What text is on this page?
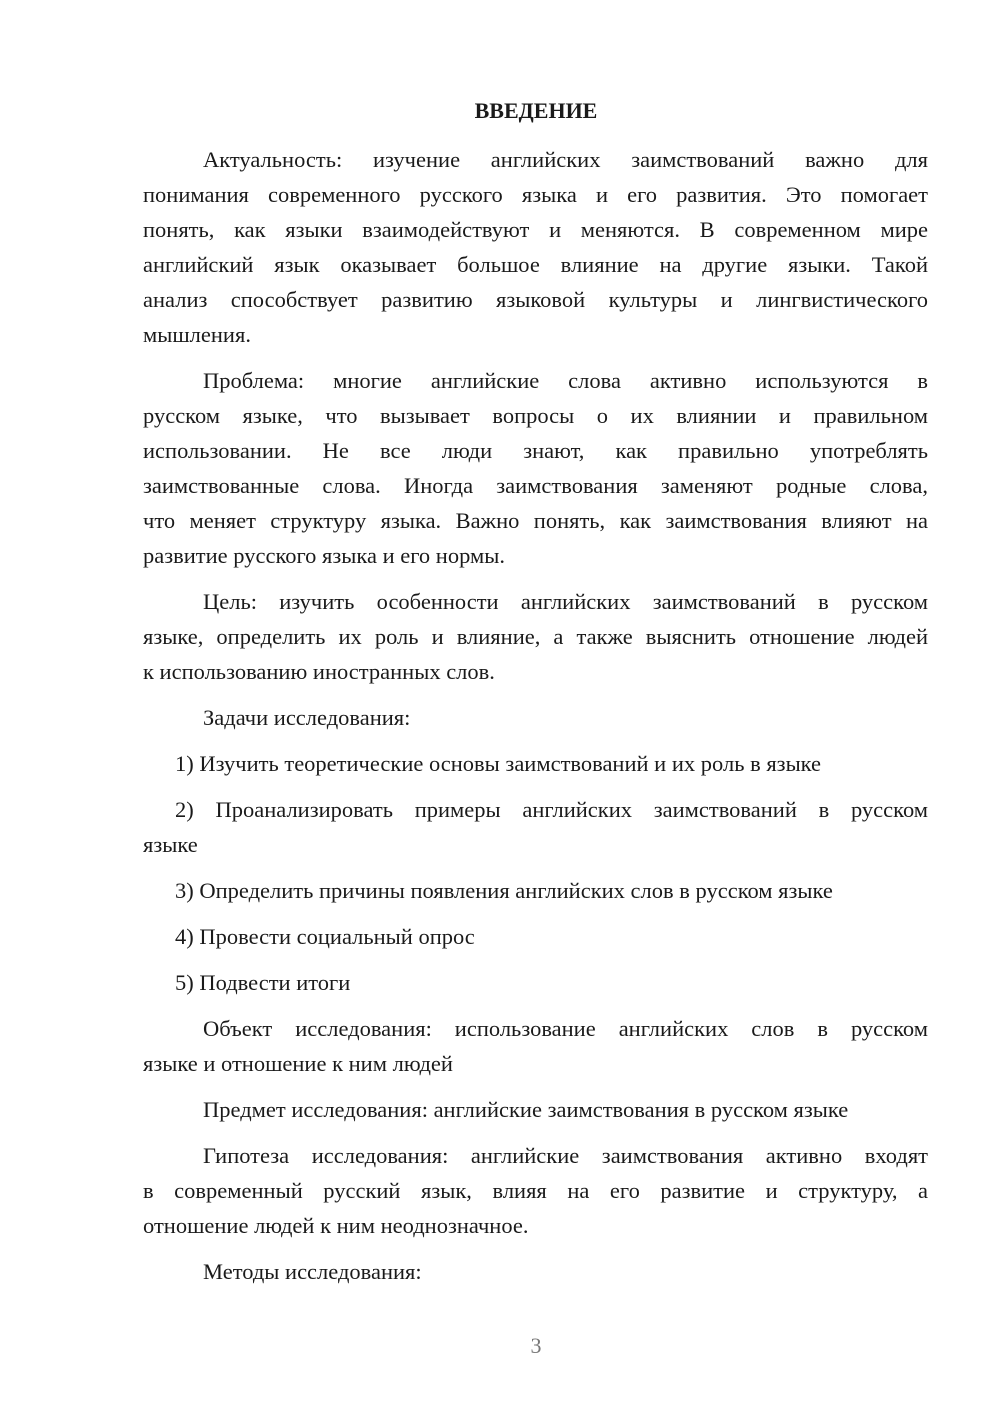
ВВЕДЕНИЕ
Актуальность: изучение английских заимствований важно для
понимания современного русского языка и его развития. Это помогает
понять, как языки взаимодействуют и меняются. В современном мире
английский язык оказывает большое влияние на другие языки. Такой
анализ способствует развитию языковой культуры и лингвистического
мышления.
Проблема: многие английские слова активно используются в
русском языке, что вызывает вопросы о их влиянии и правильном
использовании. Не все люди знают, как правильно употреблять
заимствованные слова. Иногда заимствования заменяют родные слова,
что меняет структуру языка. Важно понять, как заимствования влияют на
развитие русского языка и его нормы.
Цель: изучить особенности английских заимствований в русском
языке, определить их роль и влияние, а также выяснить отношение людей
к использованию иностранных слов.
Задачи исследования:
1) Изучить теоретические основы заимствований и их роль в языке
2) Проанализировать примеры английских заимствований в русском
языке
3) Определить причины появления английских слов в русском языке
4) Провести социальный опрос
5) Подвести итоги
Объект исследования: использование английских слов в русском
языке и отношение к ним людей
Предмет исследования: английские заимствования в русском языке
Гипотеза исследования: английские заимствования активно входят
в современный русский язык, влияя на его развитие и структуру, а
отношение людей к ним неоднозначное.
Методы исследования:
3
